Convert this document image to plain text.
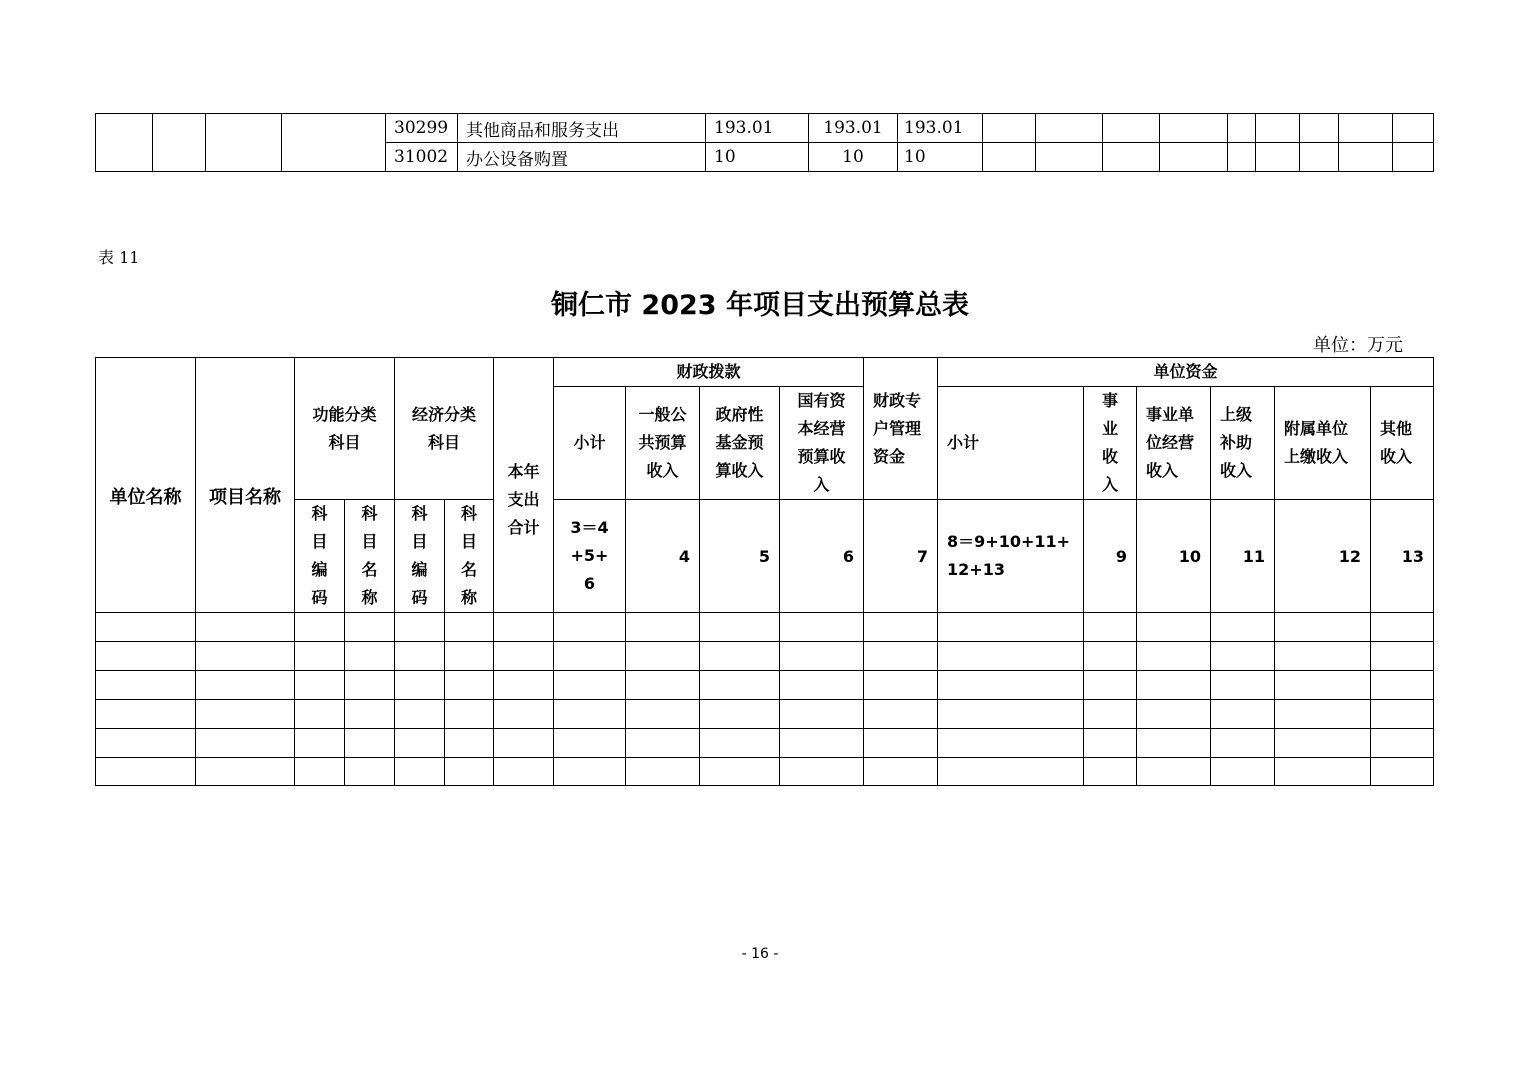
				30299	其他商品和服务支出	193.01	193.01	193.01									
				31002	办公设备购置	10	10	10									
表 11
铜仁市 2023 年项目支出预算总表
单位：万元
单位名称	项目名称	功能分类科目		经济分类科目		本年支出合计	财政拨款				财政专户管理资金	单位资金					
							小计	一般公共预算收入	政府性基金预算收入	国有资本经营预算收入		小计	事业收入	事业单位经营收入	上级补助收入	附属单位上缴收入	其他收入
		科目编码	科目名称	科目编码	科目名称		3＝4+5+6	4	5	6	7	8＝9+10+11+12+13	9	10	11	12	13

- 16 -
